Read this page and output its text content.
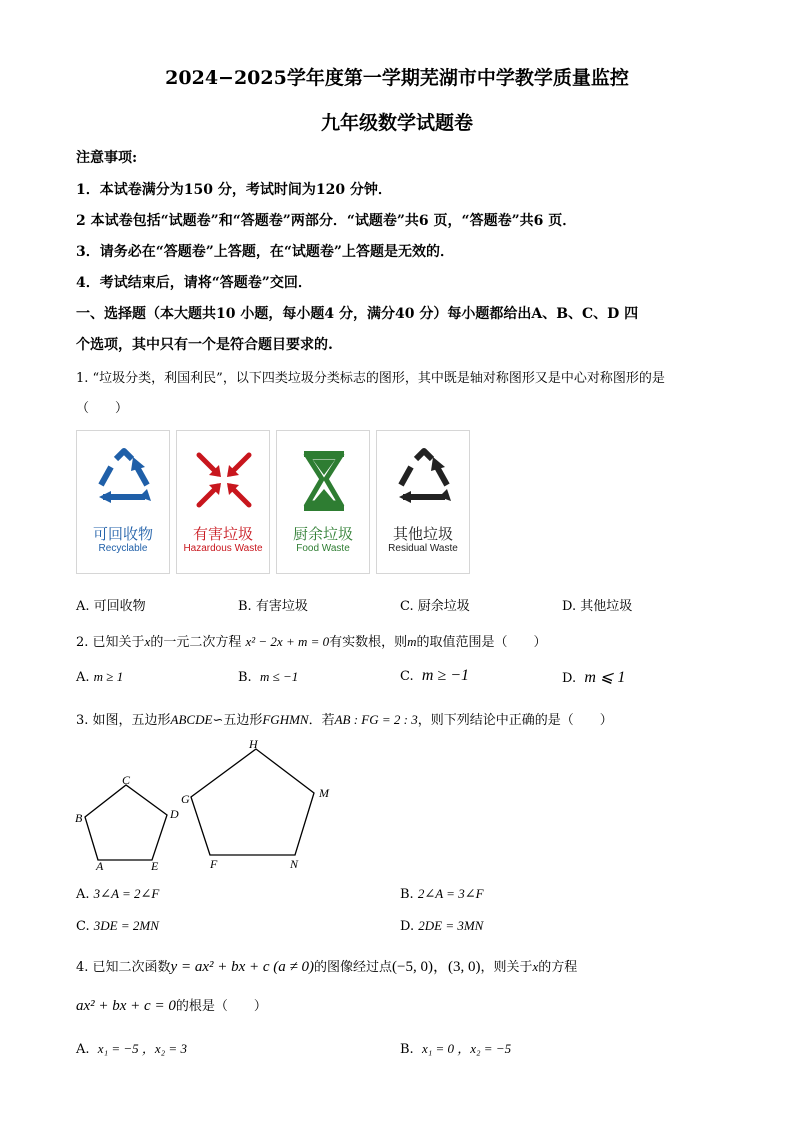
2024−2025学年度第一学期芜湖市中学教学质量监控
九年级数学试题卷
注意事项:
1．本试卷满分为150 分，考试时间为120 分钟．
2 本试卷包括“试题卷”和“答题卷”两部分．“试题卷”共6 页，“答题卷”共6 页．
3．请务必在“答题卷”上答题，在“试题卷”上答题是无效的．
4．考试结束后，请将“答题卷”交回．
一、选择题（本大题共10 小题，每小题4 分，满分40 分）每小题都给出A、B、C、D 四
个选项，其中只有一个是符合题目要求的.
1. “垃圾分类，利国利民”，以下四类垃圾分类标志的图形，其中既是轴对称图形又是中心对称图形的是
（　　）
可回收物
Recyclable
有害垃圾
Hazardous Waste
厨余垃圾
Food Waste
其他垃圾
Residual Waste
A. 可回收物	B. 有害垃圾	C. 厨余垃圾	D. 其他垃圾
2. 已知关于x的一元二次方程 x² − 2x + m = 0有实数根，则m的取值范围是（　　）
A. m ≥ 1	B. m ≤ −1	C. m ≥ −1	D. m ⩽ 1
3. 如图，五边形ABCDE∽五边形FGHMN．若AB : FG = 2 : 3，则下列结论中正确的是（　　）
A
B
C
D
E	F
G
H
M
N
A. 3∠A = 2∠F	B. 2∠A = 3∠F
C. 3DE = 2MN	D. 2DE = 3MN
4. 已知二次函数y = ax² + bx + c (a ≠ 0)的图像经过点(−5, 0)，(3, 0)，则关于x的方程
ax² + bx + c = 0的根是（　　）
A. x₁ = −5 ，x₂ = 3	B. x₁ = 0 ，x₂ = −5
